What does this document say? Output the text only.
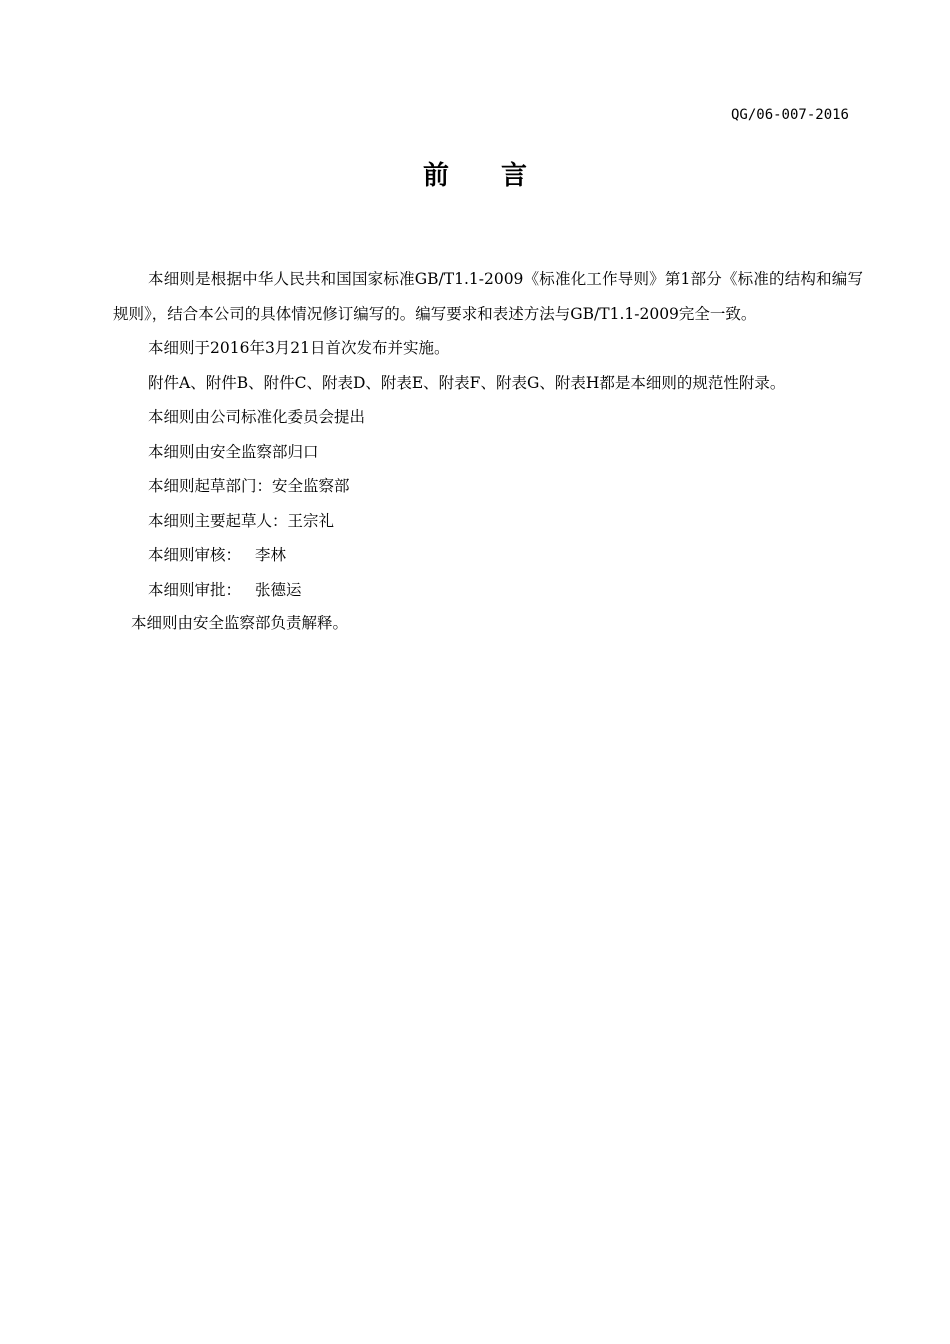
QG/06-007-2016
前 言

本细则是根据中华人民共和国国家标准GB/T1.1-2009《标准化工作导则》第1部分《标准的结构和编写规则》，结合本公司的具体情况修订编写的。编写要求和表述方法与GB/T1.1-2009完全一致。

本细则于2016年3月21日首次发布并实施。

附件A、附件B、附件C、附表D、附表E、附表F、附表G、附表H都是本细则的规范性附录。

本细则由公司标准化委员会提出

本细则由安全监察部归口

本细则起草部门：安全监察部

本细则主要起草人：王宗礼

本细则审核： 李林

本细则审批： 张德运

本细则由安全监察部负责解释。
